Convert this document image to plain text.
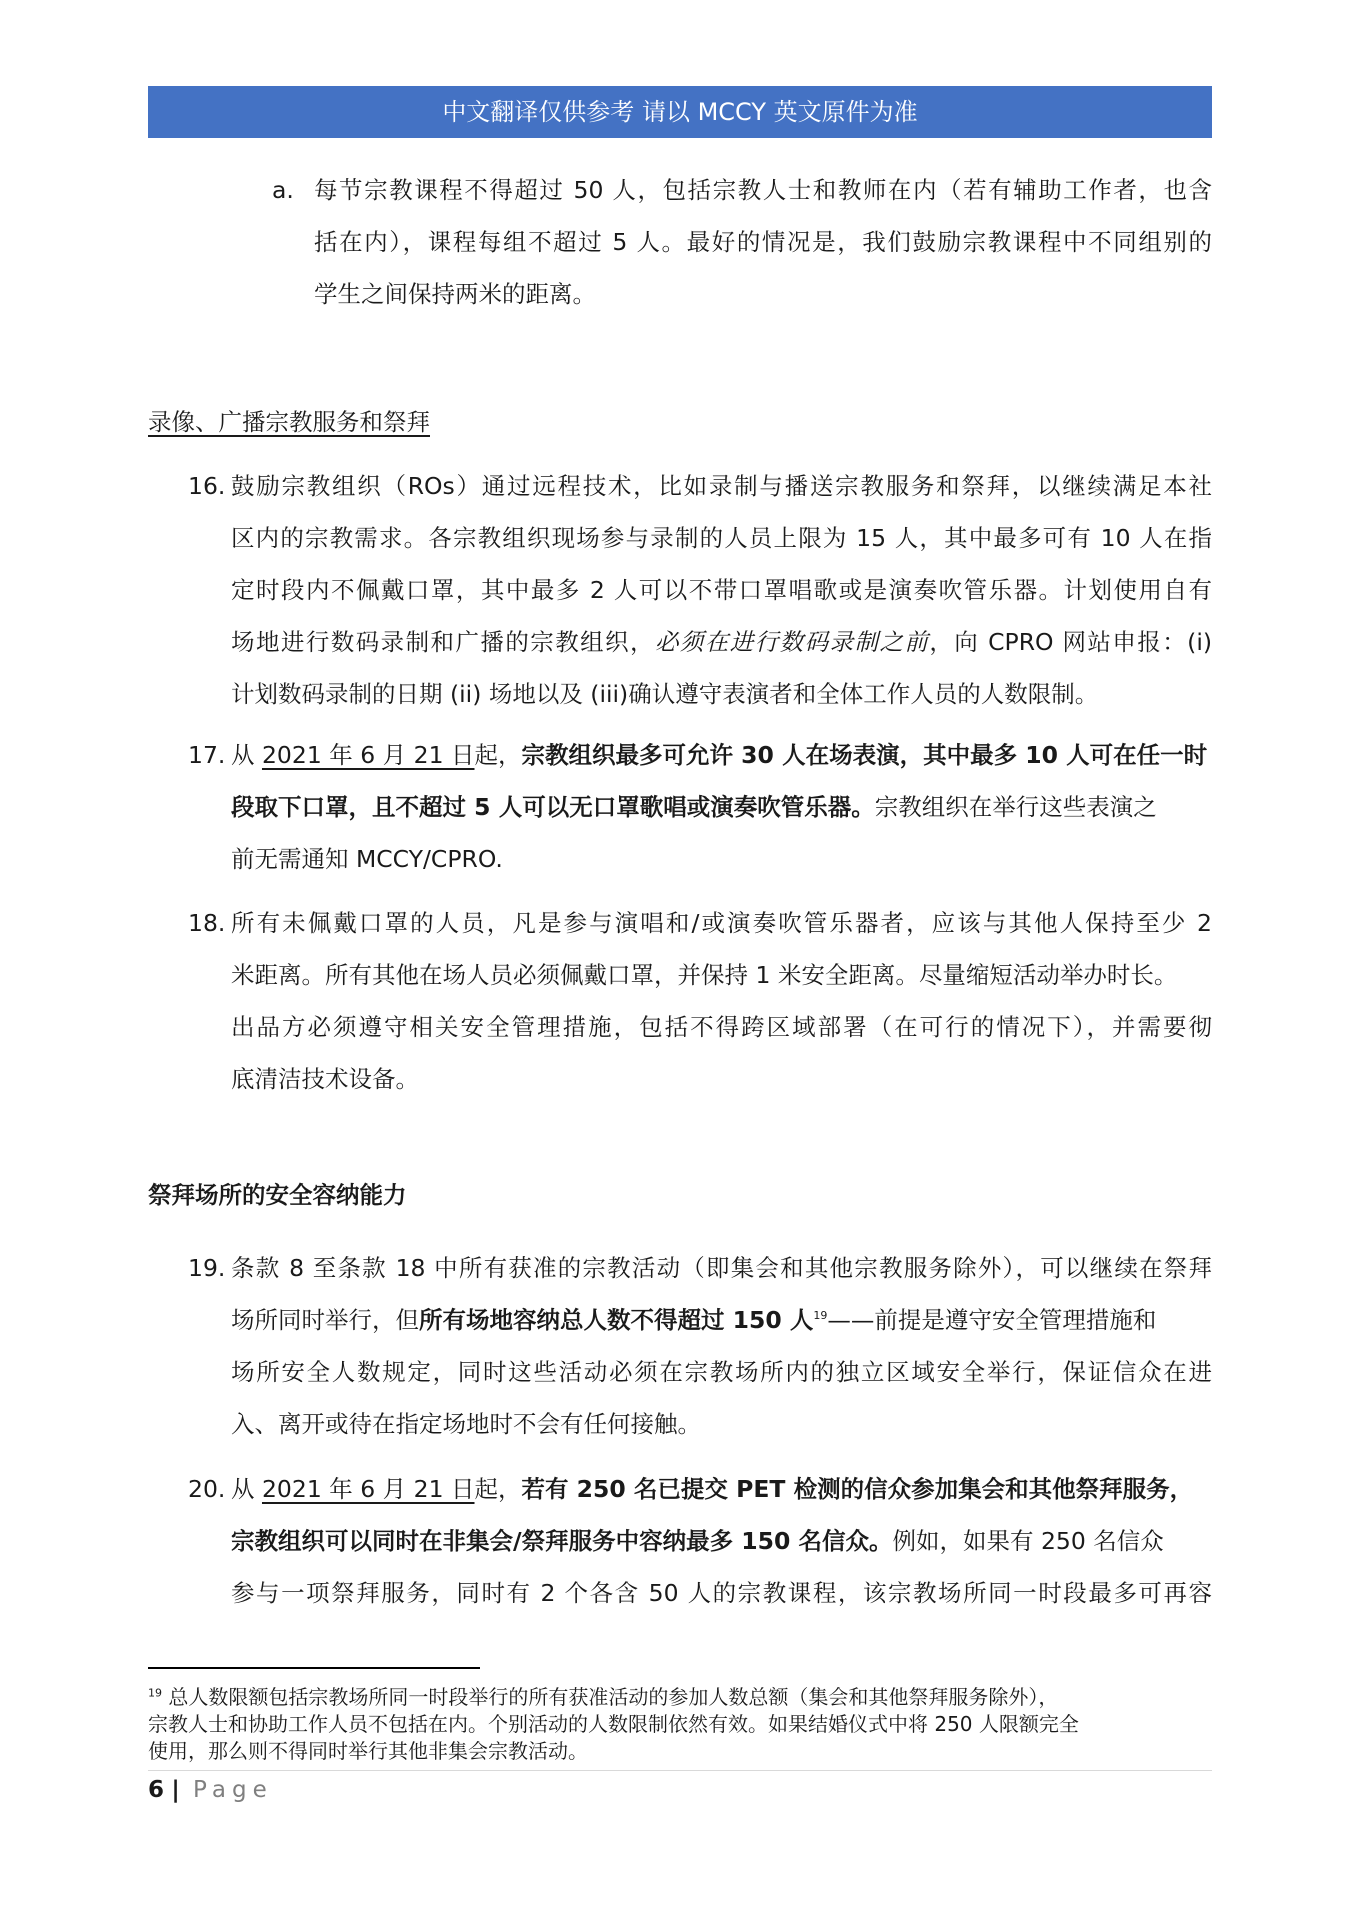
中文翻译仅供参考 请以 MCCY 英文原件为准
a. 每节宗教课程不得超过 50 人，包括宗教人士和教师在内（若有辅助工作者，也含
括在内），课程每组不超过 5 人。最好的情况是，我们鼓励宗教课程中不同组别的
学生之间保持两米的距离。
录像、广播宗教服务和祭拜
16. 鼓励宗教组织（ROs）通过远程技术，比如录制与播送宗教服务和祭拜，以继续满足本社
区内的宗教需求。各宗教组织现场参与录制的人员上限为 15 人，其中最多可有 10 人在指
定时段内不佩戴口罩，其中最多 2 人可以不带口罩唱歌或是演奏吹管乐器。计划使用自有
场地进行数码录制和广播的宗教组织，必须在进行数码录制之前，向 CPRO 网站申报：(i)
计划数码录制的日期 (ii) 场地以及 (iii)确认遵守表演者和全体工作人员的人数限制。
17. 从 2021 年 6 月 21 日起，宗教组织最多可允许 30 人在场表演，其中最多 10 人可在任一时
段取下口罩，且不超过 5 人可以无口罩歌唱或演奏吹管乐器。宗教组织在举行这些表演之
前无需通知 MCCY/CPRO.
18. 所有未佩戴口罩的人员，凡是参与演唱和/或演奏吹管乐器者，应该与其他人保持至少 2
米距离。所有其他在场人员必须佩戴口罩，并保持 1 米安全距离。尽量缩短活动举办时长。
出品方必须遵守相关安全管理措施，包括不得跨区域部署（在可行的情况下），并需要彻
底清洁技术设备。
祭拜场所的安全容纳能力
19. 条款 8 至条款 18 中所有获准的宗教活动（即集会和其他宗教服务除外），可以继续在祭拜
场所同时举行，但所有场地容纳总人数不得超过 150 人$^{19}$——前提是遵守安全管理措施和
场所安全人数规定，同时这些活动必须在宗教场所内的独立区域安全举行，保证信众在进
入、离开或待在指定场地时不会有任何接触。
20. 从 2021 年 6 月 21 日起，若有 250 名已提交 PET 检测的信众参加集会和其他祭拜服务，
宗教组织可以同时在非集会/祭拜服务中容纳最多 150 名信众。例如，如果有 250 名信众
参与一项祭拜服务，同时有 2 个各含 50 人的宗教课程，该宗教场所同一时段最多可再容
$^{19}$ 总人数限额包括宗教场所同一时段举行的所有获准活动的参加人数总额（集会和其他祭拜服务除外），
宗教人士和协助工作人员不包括在内。个别活动的人数限制依然有效。如果结婚仪式中将 250 人限额完全
使用，那么则不得同时举行其他非集会宗教活动。
6 | Page
